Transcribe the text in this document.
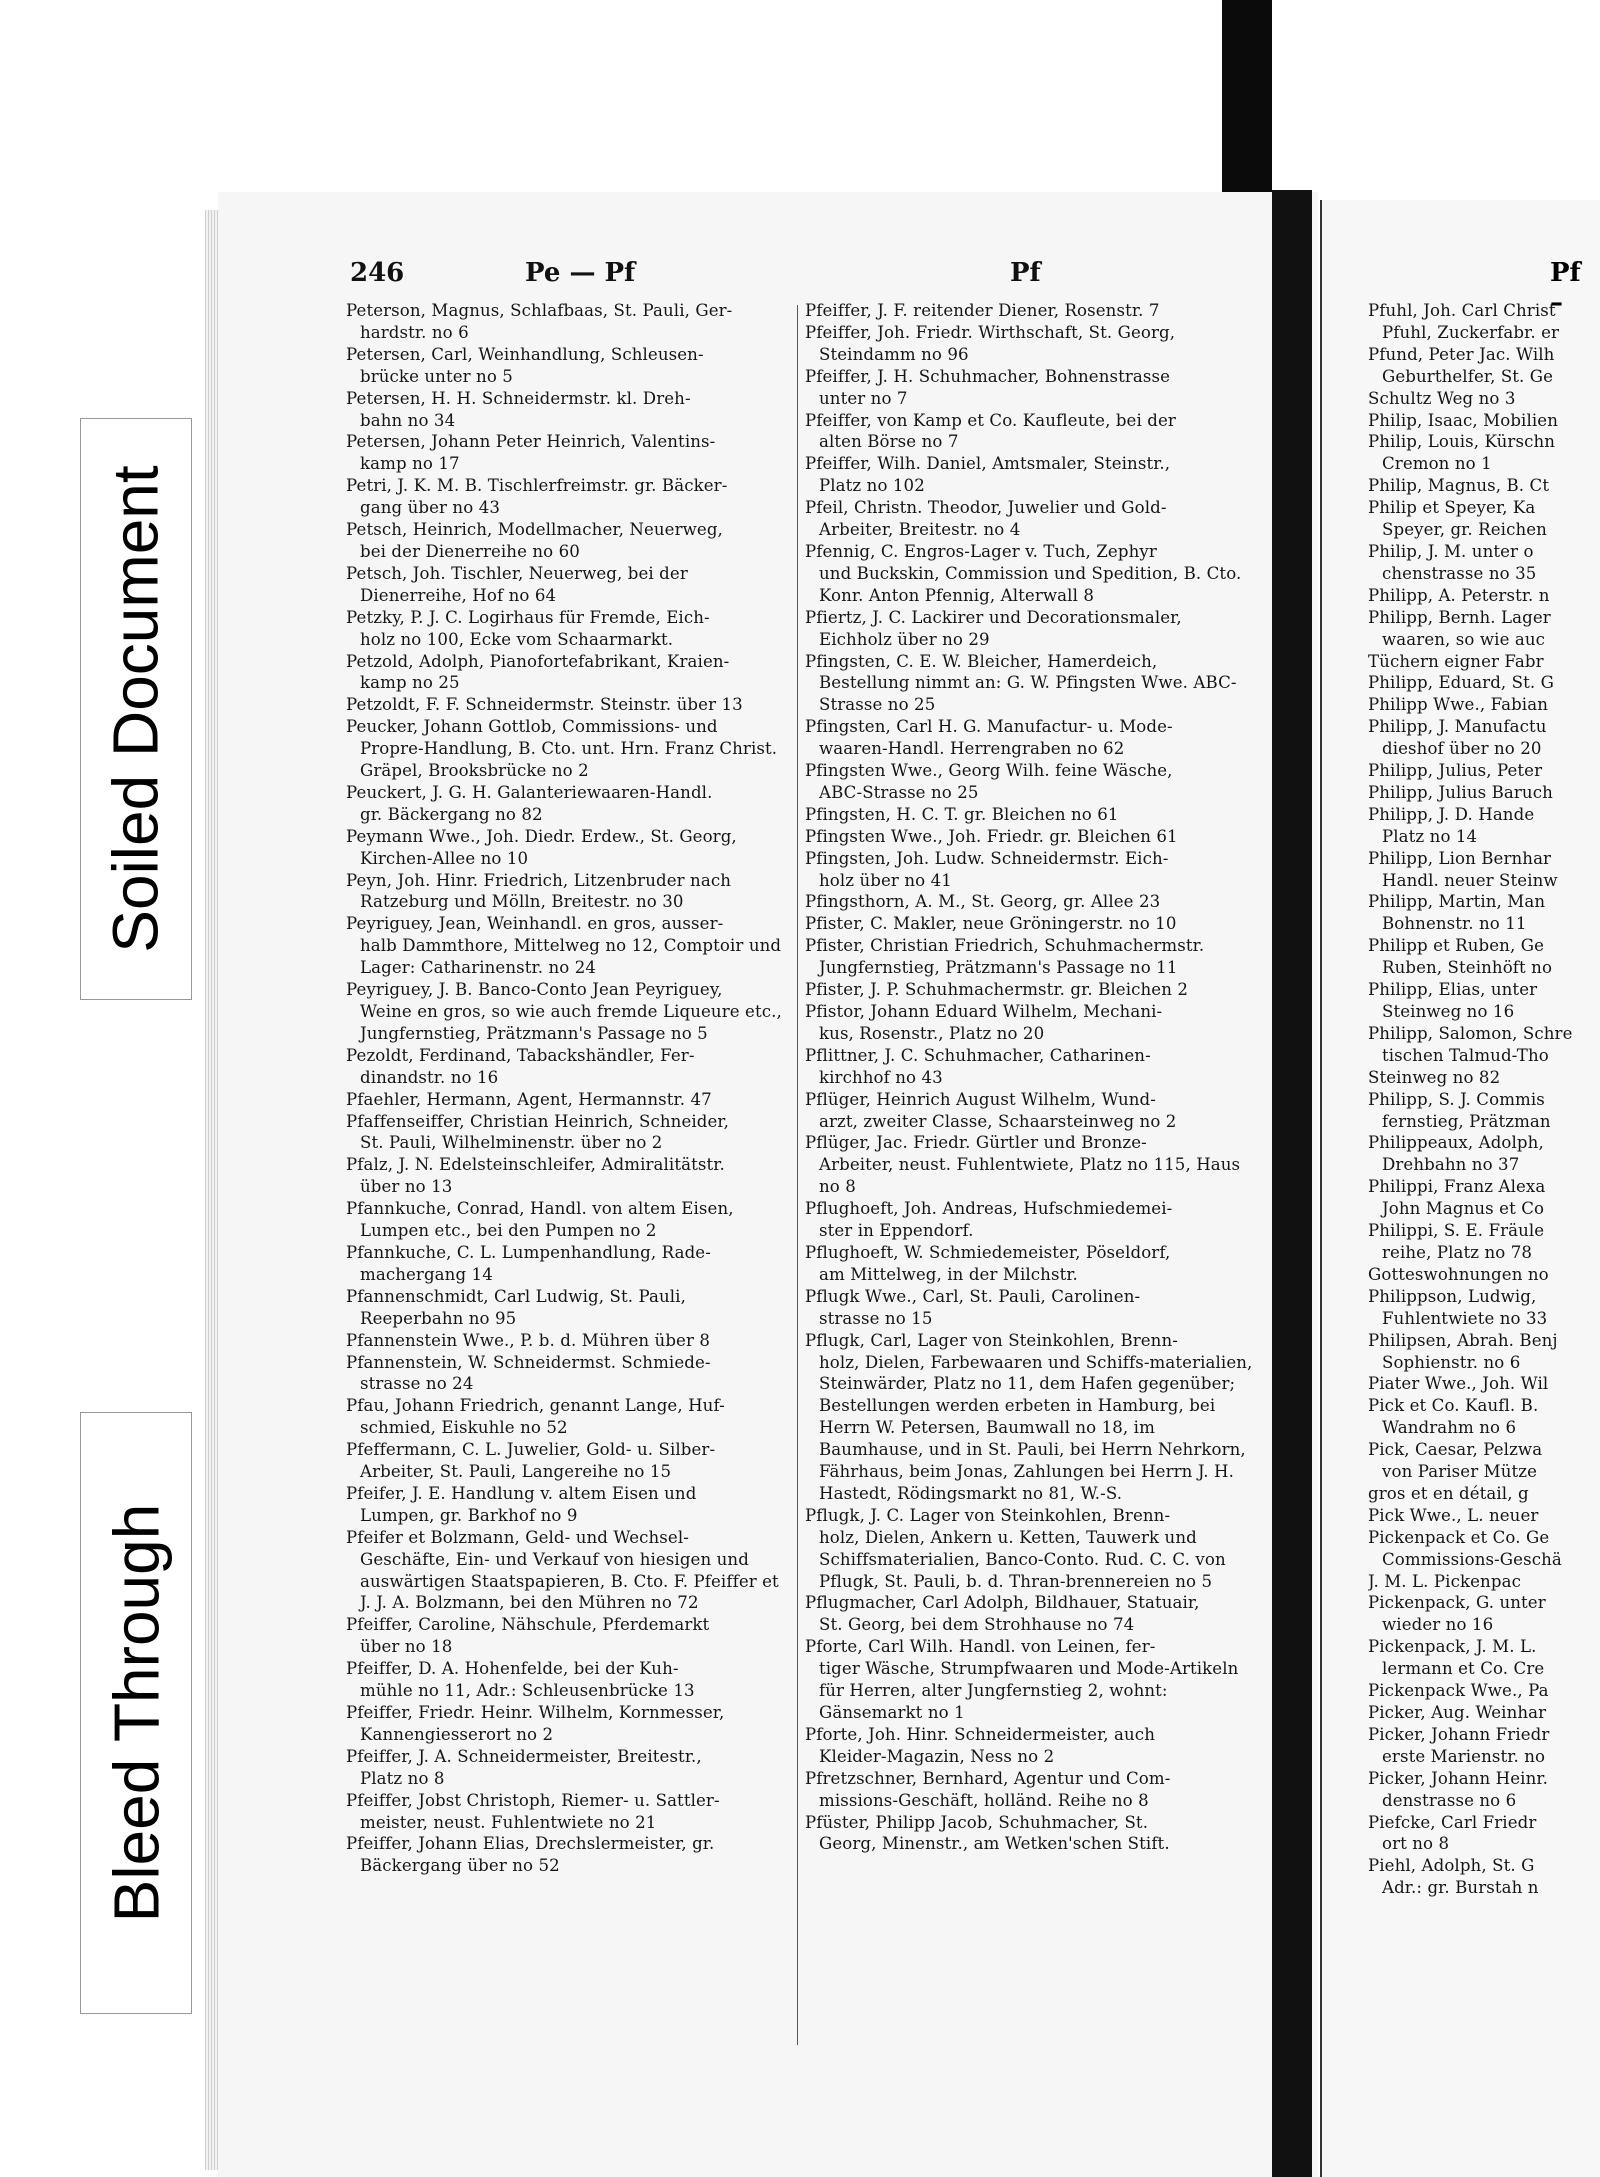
246	Pe — Pf	Pf	Pf –
Peterson, Magnus, Schlafbaas, St. Pauli, Ger-
hardstr. no 6
Petersen, Carl, Weinhandlung, Schleusen-
brücke unter no 5
Petersen, H. H. Schneidermstr. kl. Dreh-
bahn no 34
Petersen, Johann Peter Heinrich, Valentins-
kamp no 17
Petri, J. K. M. B. Tischlerfreimstr. gr. Bäcker-
gang über no 43
Petsch, Heinrich, Modellmacher, Neuerweg,
bei der Dienerreihe no 60
Petsch, Joh. Tischler, Neuerweg, bei der
Dienerreihe, Hof no 64
Petzky, P. J. C. Logirhaus für Fremde, Eich-
holz no 100, Ecke vom Schaarmarkt.
Petzold, Adolph, Pianofortefabrikant, Kraien-
kamp no 25
Petzoldt, F. F. Schneidermstr. Steinstr. über 13
Peucker, Johann Gottlob, Commissions- und
Propre-Handlung, B. Cto. unt. Hrn. Franz Christ. Gräpel, Brooksbrücke no 2
Peuckert, J. G. H. Galanteriewaaren-Handl.
gr. Bäckergang no 82
Peymann Wwe., Joh. Diedr. Erdew., St. Georg,
Kirchen-Allee no 10
Peyn, Joh. Hinr. Friedrich, Litzenbruder nach
Ratzeburg und Mölln, Breitestr. no 30
Peyriguey, Jean, Weinhandl. en gros, ausser-
halb Dammthore, Mittelweg no 12, Comptoir und Lager: Catharinenstr. no 24
Peyriguey, J. B. Banco-Conto Jean Peyriguey,
Weine en gros, so wie auch fremde Liqueure etc., Jungfernstieg, Prätzmann's Passage no 5
Pezoldt, Ferdinand, Tabackshändler, Fer-
dinandstr. no 16
Pfaehler, Hermann, Agent, Hermannstr. 47
Pfaffenseiffer, Christian Heinrich, Schneider,
St. Pauli, Wilhelminenstr. über no 2
Pfalz, J. N. Edelsteinschleifer, Admiralitätstr.
über no 13
Pfannkuche, Conrad, Handl. von altem Eisen,
Lumpen etc., bei den Pumpen no 2
Pfannkuche, C. L. Lumpenhandlung, Rade-
machergang 14
Pfannenschmidt, Carl Ludwig, St. Pauli,
Reeperbahn no 95
Pfannenstein Wwe., P. b. d. Mühren über 8
Pfannenstein, W. Schneidermst. Schmiede-
strasse no 24
Pfau, Johann Friedrich, genannt Lange, Huf-
schmied, Eiskuhle no 52
Pfeffermann, C. L. Juwelier, Gold- u. Silber-
Arbeiter, St. Pauli, Langereihe no 15
Pfeifer, J. E. Handlung v. altem Eisen und
Lumpen, gr. Barkhof no 9
Pfeifer et Bolzmann, Geld- und Wechsel-
Geschäfte, Ein- und Verkauf von hiesigen und auswärtigen Staatspapieren, B. Cto. F. Pfeiffer et J. J. A. Bolzmann, bei den Mühren no 72
Pfeiffer, Caroline, Nähschule, Pferdemarkt
über no 18
Pfeiffer, D. A. Hohenfelde, bei der Kuh-
mühle no 11, Adr.: Schleusenbrücke 13
Pfeiffer, Friedr. Heinr. Wilhelm, Kornmesser,
Kannengiesserort no 2
Pfeiffer, J. A. Schneidermeister, Breitestr.,
Platz no 8
Pfeiffer, Jobst Christoph, Riemer- u. Sattler-
meister, neust. Fuhlentwiete no 21
Pfeiffer, Johann Elias, Drechslermeister, gr.
Bäckergang über no 52
Pfeiffer, J. F. reitender Diener, Rosenstr. 7
Pfeiffer, Joh. Friedr. Wirthschaft, St. Georg,
Steindamm no 96
Pfeiffer, J. H. Schuhmacher, Bohnenstrasse
unter no 7
Pfeiffer, von Kamp et Co. Kaufleute, bei der
alten Börse no 7
Pfeiffer, Wilh. Daniel, Amtsmaler, Steinstr.,
Platz no 102
Pfeil, Christn. Theodor, Juwelier und Gold-
Arbeiter, Breitestr. no 4
Pfennig, C. Engros-Lager v. Tuch, Zephyr
und Buckskin, Commission und Spedition, B. Cto. Konr. Anton Pfennig, Alterwall 8
Pfiertz, J. C. Lackirer und Decorationsmaler,
Eichholz über no 29
Pfingsten, C. E. W. Bleicher, Hamerdeich,
Bestellung nimmt an: G. W. Pfingsten Wwe. ABC-Strasse no 25
Pfingsten, Carl H. G. Manufactur- u. Mode-
waaren-Handl. Herrengraben no 62
Pfingsten Wwe., Georg Wilh. feine Wäsche,
ABC-Strasse no 25
Pfingsten, H. C. T. gr. Bleichen no 61
Pfingsten Wwe., Joh. Friedr. gr. Bleichen 61
Pfingsten, Joh. Ludw. Schneidermstr. Eich-
holz über no 41
Pfingsthorn, A. M., St. Georg, gr. Allee 23
Pfister, C. Makler, neue Gröningerstr. no 10
Pfister, Christian Friedrich, Schuhmachermstr.
Jungfernstieg, Prätzmann's Passage no 11
Pfister, J. P. Schuhmachermstr. gr. Bleichen 2
Pfistor, Johann Eduard Wilhelm, Mechani-
kus, Rosenstr., Platz no 20
Pflittner, J. C. Schuhmacher, Catharinen-
kirchhof no 43
Pflüger, Heinrich August Wilhelm, Wund-
arzt, zweiter Classe, Schaarsteinweg no 2
Pflüger, Jac. Friedr. Gürtler und Bronze-
Arbeiter, neust. Fuhlentwiete, Platz no 115, Haus no 8
Pflughoeft, Joh. Andreas, Hufschmiedemei-
ster in Eppendorf.
Pflughoeft, W. Schmiedemeister, Pöseldorf,
am Mittelweg, in der Milchstr.
Pflugk Wwe., Carl, St. Pauli, Carolinen-
strasse no 15
Pflugk, Carl, Lager von Steinkohlen, Brenn-
holz, Dielen, Farbewaaren und Schiffs-materialien, Steinwärder, Platz no 11, dem Hafen gegenüber; Bestellungen werden erbeten in Hamburg, bei Herrn W. Petersen, Baumwall no 18, im Baumhause, und in St. Pauli, bei Herrn Nehrkorn, Fährhaus, beim Jonas, Zahlungen bei Herrn J. H. Hastedt, Rödingsmarkt no 81, W.-S.
Pflugk, J. C. Lager von Steinkohlen, Brenn-
holz, Dielen, Ankern u. Ketten, Tauwerk und Schiffsmaterialien, Banco-Conto. Rud. C. C. von Pflugk, St. Pauli, b. d. Thran-brennereien no 5
Pflugmacher, Carl Adolph, Bildhauer, Statuair,
St. Georg, bei dem Strohhause no 74
Pforte, Carl Wilh. Handl. von Leinen, fer-
tiger Wäsche, Strumpfwaaren und Mode-Artikeln für Herren, alter Jungfernstieg 2, wohnt: Gänsemarkt no 1
Pforte, Joh. Hinr. Schneidermeister, auch
Kleider-Magazin, Ness no 2
Pfretzschner, Bernhard, Agentur und Com-
missions-Geschäft, holländ. Reihe no 8
Pfüster, Philipp Jacob, Schuhmacher, St.
Georg, Minenstr., am Wetken'schen Stift.
Pfuhl, Joh. Carl Christ
Pfuhl, Zuckerfabr. er
Pfund, Peter Jac. Wilh
Geburthelfer, St. Ge
Schultz Weg no 3
Philip, Isaac, Mobilien
Philip, Louis, Kürschn
Cremon no 1
Philip, Magnus, B. Ct
Philip et Speyer, Ka
Speyer, gr. Reichen
Philip, J. M. unter o
chenstrasse no 35
Philipp, A. Peterstr. n
Philipp, Bernh. Lager
waaren, so wie auc
Tüchern eigner Fabr
Philipp, Eduard, St. G
Philipp Wwe., Fabian
Philipp, J. Manufactu
dieshof über no 20
Philipp, Julius, Peter
Philipp, Julius Baruch
Philipp, J. D. Hande
Platz no 14
Philipp, Lion Bernhar
Handl. neuer Steinw
Philipp, Martin, Man
Bohnenstr. no 11
Philipp et Ruben, Ge
Ruben, Steinhöft no
Philipp, Elias, unter
Steinweg no 16
Philipp, Salomon, Schre
tischen Talmud-Tho
Steinweg no 82
Philipp, S. J. Commis
fernstieg, Prätzman
Philippeaux, Adolph,
Drehbahn no 37
Philippi, Franz Alexa
John Magnus et Co
Philippi, S. E. Fräule
reihe, Platz no 78
Gotteswohnungen no
Philippson, Ludwig,
Fuhlentwiete no 33
Philipsen, Abrah. Benj
Sophienstr. no 6
Piater Wwe., Joh. Wil
Pick et Co. Kaufl. B.
Wandrahm no 6
Pick, Caesar, Pelzwa
von Pariser Mütze
gros et en détail, g
Pick Wwe., L. neuer
Pickenpack et Co. Ge
Commissions-Geschä
J. M. L. Pickenpac
Pickenpack, G. unter
wieder no 16
Pickenpack, J. M. L.
lermann et Co. Cre
Pickenpack Wwe., Pa
Picker, Aug. Weinhar
Picker, Johann Friedr
erste Marienstr. no
Picker, Johann Heinr.
denstrasse no 6
Piefcke, Carl Friedr
ort no 8
Piehl, Adolph, St. G
Adr.: gr. Burstah n
Soiled Document
Bleed Through
